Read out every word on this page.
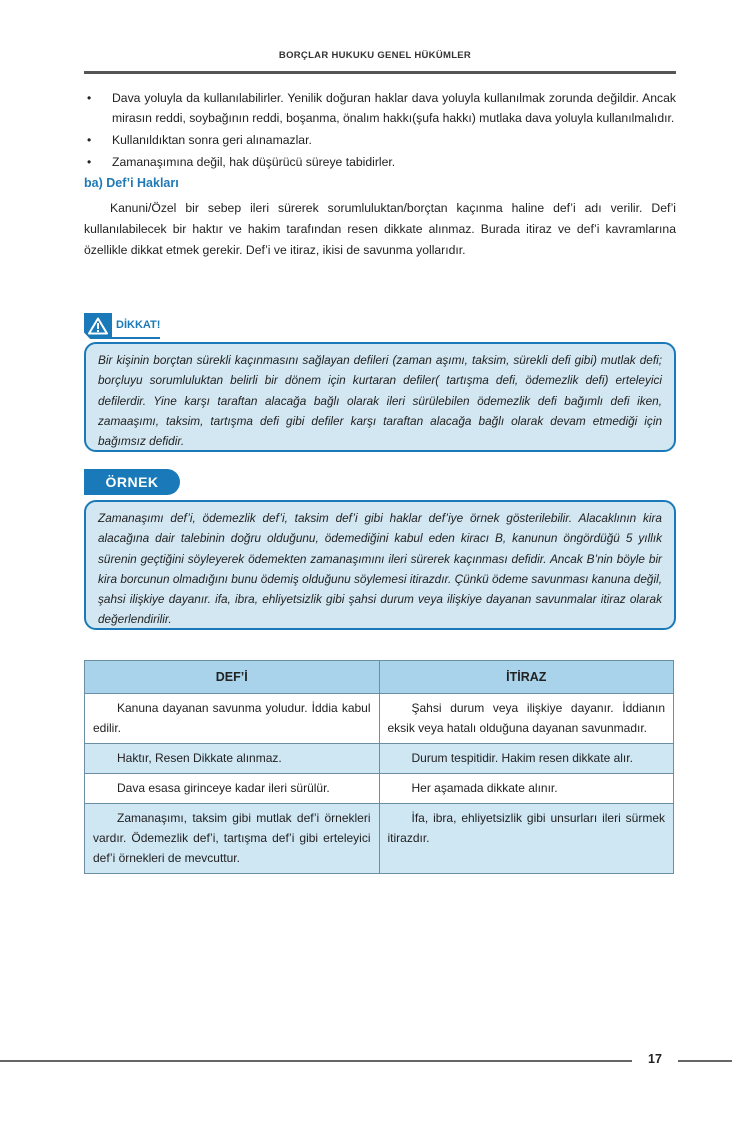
BORÇLAR HUKUKU GENEL HÜKÜMLER
• Dava yoluyla da kullanılabilirler. Yenilik doğuran haklar dava yoluyla kullanılmak zorunda değildir. Ancak mirasın reddi, soybağının reddi, boşanma, önalım hakkı(şufa hakkı) mutlaka dava yoluyla kullanılmalıdır.
• Kullanıldıktan sonra geri alınamazlar.
• Zamanaşımına değil, hak düşürücü süreye tabidirler.
ba) Def’i Hakları

Kanuni/Özel bir sebep ileri sürerek sorumluluktan/borçtan kaçınma haline def’i adı verilir. Def’i kullanılabilecek bir haktır ve hakim tarafından resen dikkate alınmaz. Burada itiraz ve def’i kavramlarına özellikle dikkat etmek gerekir. Def’i ve itiraz, ikisi de savunma yollarıdır.

DİKKAT!
Bir kişinin borçtan sürekli kaçınmasını sağlayan defileri (zaman aşımı, taksim, sürekli defi gibi) mutlak defi; borçluyu sorumluluktan belirli bir dönem için kurtaran defiler( tartışma defi, ödemezlik defi) erteleyici defilerdir. Yine karşı taraftan alacağa bağlı olarak ileri sürülebilen ödemezlik defi bağımlı defi iken, zamaaşımı, taksim, tartışma defi gibi defiler karşı taraftan alacağa bağlı olarak devam etmediği için bağımsız defidir.
ÖRNEK
Zamanaşımı def’i, ödemezlik def’i, taksim def’i gibi haklar def’iye örnek gösterilebilir. Alacaklının kira alacağına dair talebinin doğru olduğunu, ödemediğini kabul eden kiracı B, kanunun öngördüğü 5 yıllık sürenin geçtiğini söyleyerek ödemekten zamanaşımını ileri sürerek kaçınması defidir. Ancak B’nin böyle bir kira borcunun olmadığını bunu ödemiş olduğunu söylemesi itirazdır. Çünkü ödeme savunması kanuna değil, şahsi ilişkiye dayanır. ifa, ibra, ehliyetsizlik gibi şahsi durum veya ilişkiye dayanan savunmalar itiraz olarak değerlendirilir.
DEF’İ	İTİRAZ
Kanuna dayanan savunma yoludur. İddia kabul edilir.	Şahsi durum veya ilişkiye dayanır. İddianın eksik veya hatalı olduğuna dayanan savunmadır.
Haktır, Resen Dikkate alınmaz.	Durum tespitidir. Hakim resen dikkate alır.
Dava esasa girinceye kadar ileri sürülür.	Her aşamada dikkate alınır.
Zamanaşımı, taksim gibi mutlak def’i örnekleri vardır. Ödemezlik def’i, tartışma def’i gibi erteleyici def’i örnekleri de mevcuttur.	İfa, ibra, ehliyetsizlik gibi unsurları ileri sürmek itirazdır.
17
